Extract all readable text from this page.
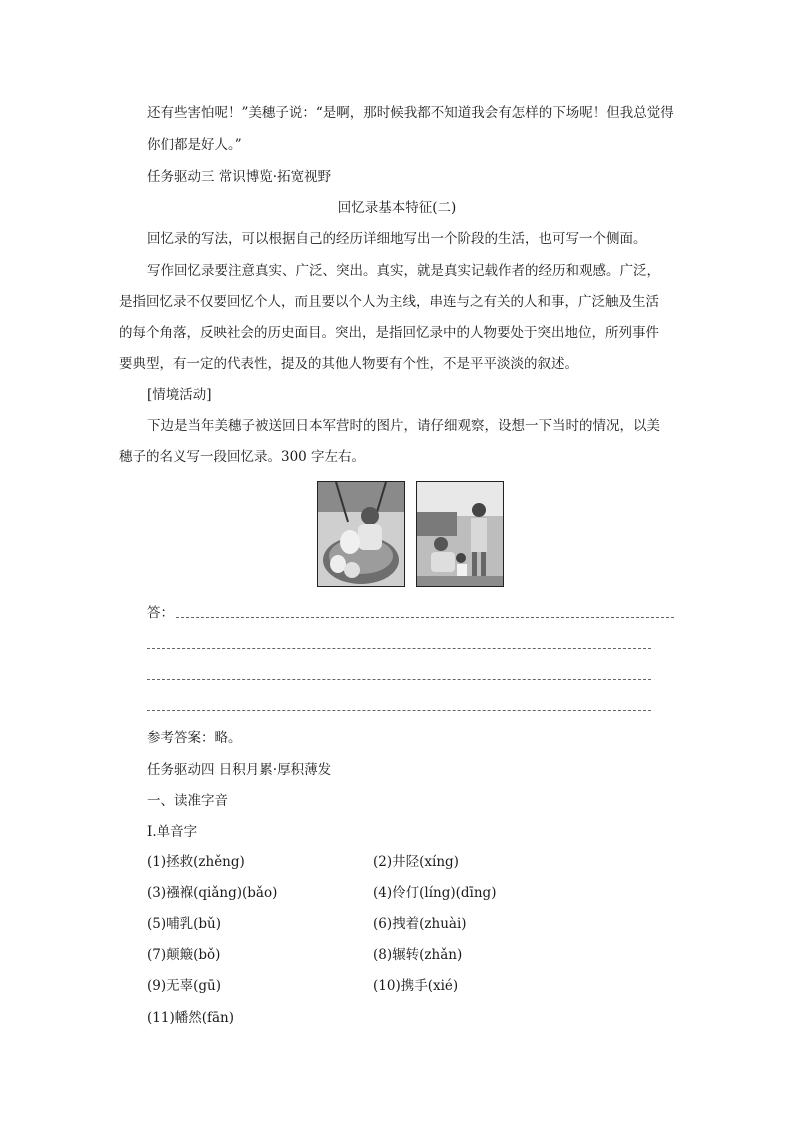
还有些害怕呢！”美穗子说：“是啊，那时候我都不知道我会有怎样的下场呢！但我总觉得
你们都是好人。”
任务驱动三 常识博览·拓宽视野
回忆录基本特征(二)
回忆录的写法，可以根据自己的经历详细地写出一个阶段的生活，也可写一个侧面。
写作回忆录要注意真实、广泛、突出。真实，就是真实记载作者的经历和观感。广泛，
是指回忆录不仅要回忆个人，而且要以个人为主线，串连与之有关的人和事，广泛触及生活
的每个角落，反映社会的历史面目。突出，是指回忆录中的人物要处于突出地位，所列事件
要典型，有一定的代表性，提及的其他人物要有个性，不是平平淡淡的叙述。
[情境活动]
下边是当年美穗子被送回日本军营时的图片，请仔细观察，设想一下当时的情况，以美
穗子的名义写一段回忆录。300 字左右。
答：
参考答案：略。
任务驱动四 日积月累·厚积薄发
一、读准字音
Ⅰ.单音字
(1)拯救(zhěng)	(2)井陉(xíng)
(3)襁褓(qiǎng)(bǎo)	(4)伶仃(líng)(dīng)
(5)哺乳(bǔ)	(6)拽着(zhuài)
(7)颠簸(bǒ)	(8)辗转(zhǎn)
(9)无辜(gū)	(10)携手(xié)
(11)幡然(fān)
